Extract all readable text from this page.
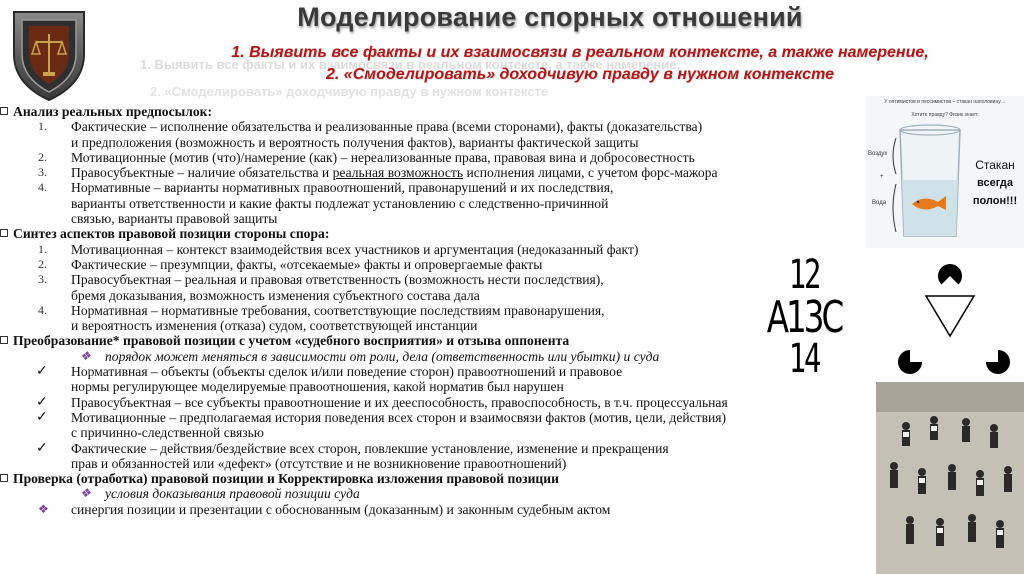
Моделирование спорных отношений
1. Выявить все факты и их взаимосвязи в реальном контексте, а также намерение,
1. Выявить все факты и их взаимосвязи в реальном контексте, а также намерение,
2. «Смоделировать» доходчивую правду в нужном контексте
2. «Смоделировать» доходчивую правду в нужном контексте
Анализ реальных предпосылок:
1. Фактические – исполнение обязательства и реализованные права (всеми сторонами), факты (доказательства)
и предположения (возможность и вероятность получения фактов), варианты фактической защиты
2. Мотивационные (мотив (что)/намерение (как) – нереализованные права, правовая вина и добросовестность
3. Правосубъектные – наличие обязательства и реальная возможность исполнения лицами, с учетом форс-мажора
4. Нормативные – варианты нормативных правоотношений, правонарушений и их последствия,
варианты ответственности и какие факты подлежат установлению с следственно-причинной
связью, варианты правовой защиты
Синтез аспектов правовой позиции стороны спора:
1. Мотивационная – контекст взаимодействия всех участников и аргументация (недоказанный факт)
2. Фактические – презумпции, факты, «отсекаемые» факты и опровергаемые факты
3. Правосубъектная – реальная и правовая ответственность (возможность нести последствия),
бремя доказывания, возможность изменения субъектного состава дала
4. Нормативная – нормативные требования, соответствующие последствиям правонарушения,
и вероятность изменения (отказа) судом, соответствующей инстанции
Преобразование* правовой позиции с учетом «судебного восприятия» и отзыва оппонента
❖ порядок может меняться в зависимости от роли, дела (ответственность или убытки) и суда
✓ Нормативная – объекты (объекты сделок и/или поведение сторон) правоотношений и правовое
нормы регулирующее моделируемые правоотношения, какой норматив был нарушен
✓ Правосубъектная – все субъекты правоотношение и их дееспособность, правоспособность, в т.ч. процессуальная
✓ Мотивационные – предполагаемая история поведения всех сторон и взаимосвязи фактов (мотив, цели, действия)
с причинно-следственной связью
✓ Фактические – действия/бездействие всех сторон, повлекшие установление, изменение и прекращения
прав и обязанностей или «дефект» (отсутствие и не возникновение правоотношений)
Проверка (отработка) правовой позиции и Корректировка изложения правовой позиции
❖ условия доказывания правовой позиции суда
❖ синергия позиции и презентации с обоснованным (доказанным) и законным судебным актом
У оптимистов и пессимистов – стакан наполовину…
Хотите правду? Физик знает:
Воздух
+
Вода
Стакан
всегда
полон!!!
12
A13C
14
